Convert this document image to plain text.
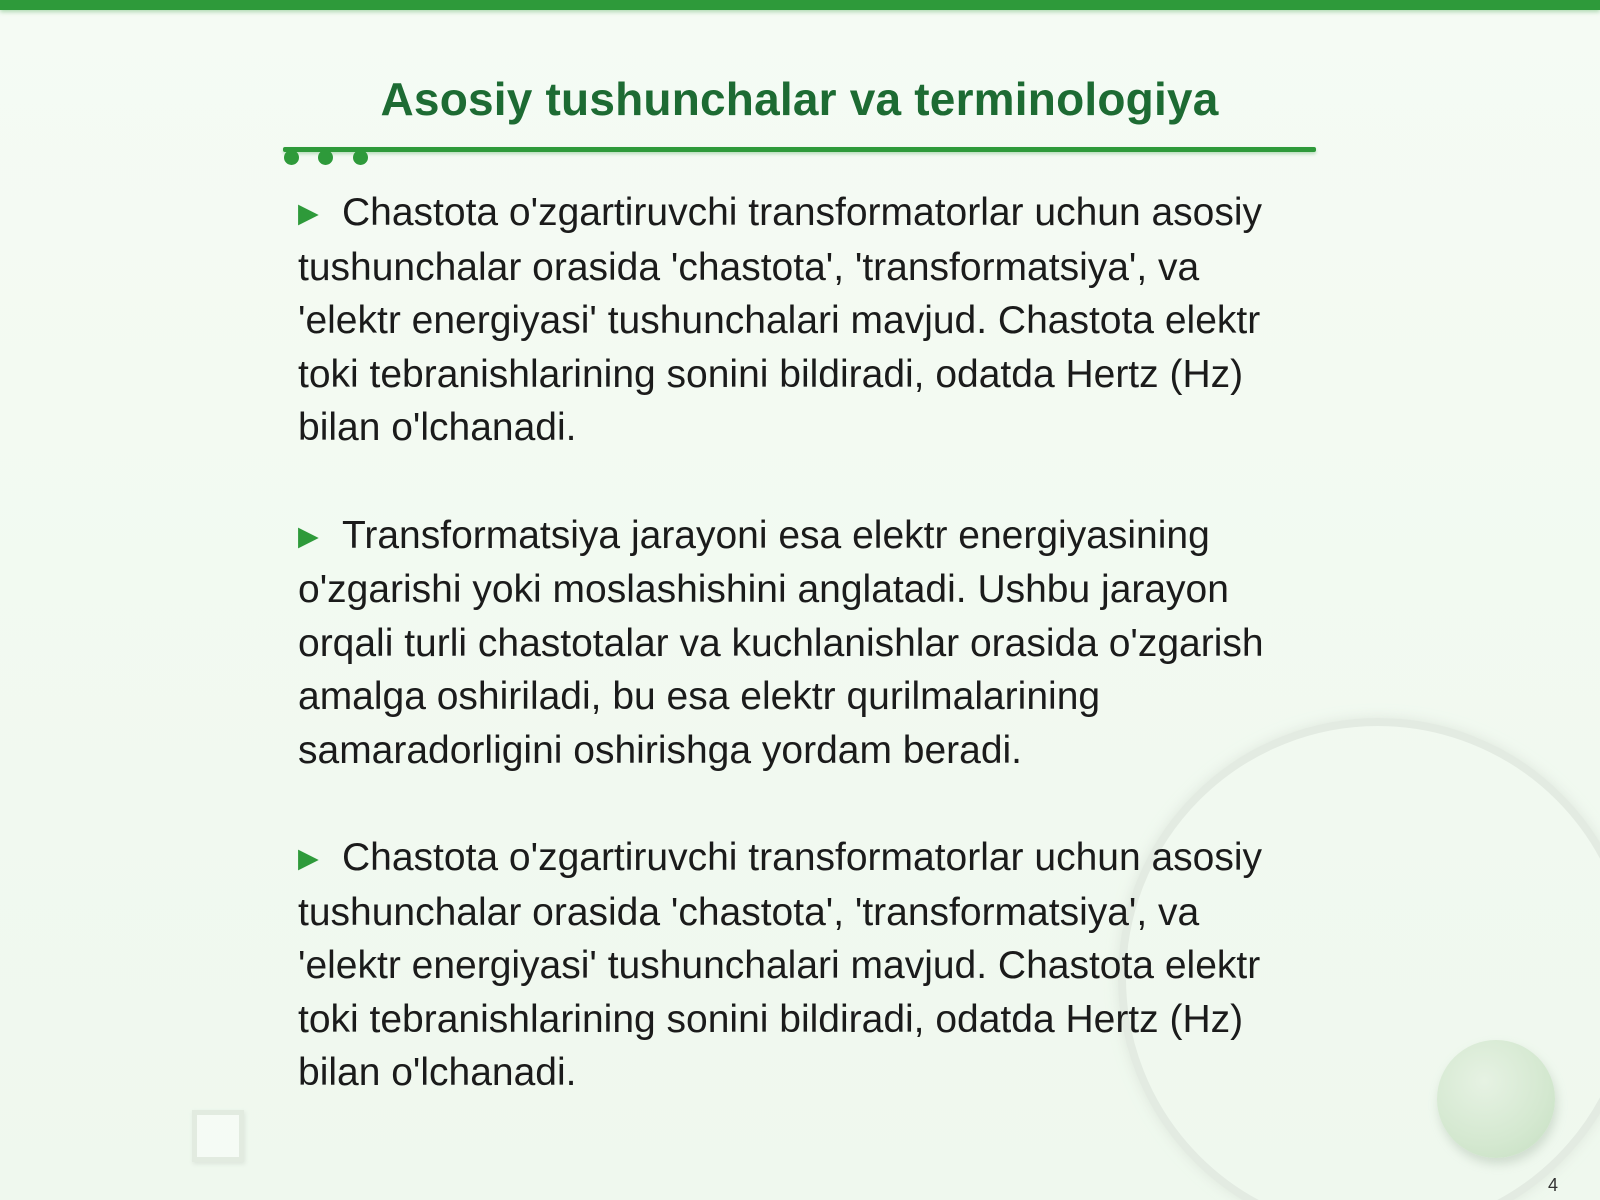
Asosiy tushunchalar va terminologiya

▶ Chastota o'zgartiruvchi transformatorlar uchun asosiy tushunchalar orasida 'chastota', 'transformatsiya', va 'elektr energiyasi' tushunchalari mavjud. Chastota elektr toki tebranishlarining sonini bildiradi, odatda Hertz (Hz) bilan o'lchanadi.

▶ Transformatsiya jarayoni esa elektr energiyasining o'zgarishi yoki moslashishini anglatadi. Ushbu jarayon orqali turli chastotalar va kuchlanishlar orasida o'zgarish amalga oshiriladi, bu esa elektr qurilmalarining samaradorligini oshirishga yordam beradi.

▶ Chastota o'zgartiruvchi transformatorlar uchun asosiy tushunchalar orasida 'chastota', 'transformatsiya', va 'elektr energiyasi' tushunchalari mavjud. Chastota elektr toki tebranishlarining sonini bildiradi, odatda Hertz (Hz) bilan o'lchanadi.

4
